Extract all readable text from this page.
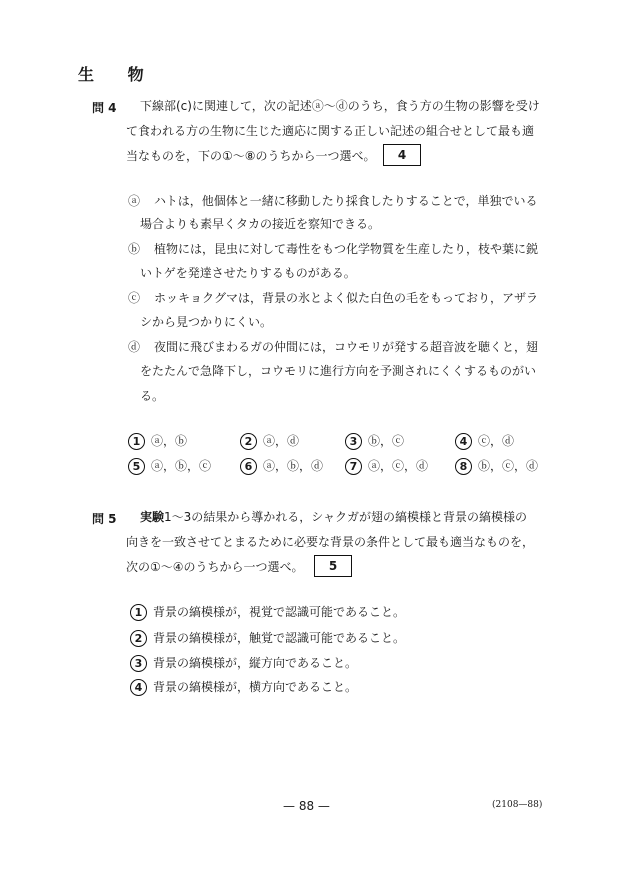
生 物
問 4 下線部(c)に関連して，次の記述ⓐ～ⓓのうち，食う方の生物の影響を受け
て食われる方の生物に生じた適応に関する正しい記述の組合せとして最も適
当なものを，下の①～⑧のうちから一つ選べ。	4
ⓐ ハトは，他個体と一緒に移動したり採食したりすることで，単独でいる
場合よりも素早くタカの接近を察知できる。
ⓑ 植物には，昆虫に対して毒性をもつ化学物質を生産したり，枝や葉に鋭
いトゲを発達させたりするものがある。
ⓒ ホッキョクグマは，背景の氷とよく似た白色の毛をもっており，アザラ
シから見つかりにくい。
ⓓ 夜間に飛びまわるガの仲間には，コウモリが発する超音波を聴くと，翅
をたたんで急降下し，コウモリに進行方向を予測されにくくするものがい
る。
1 ⓐ，ⓑ	2 ⓐ，ⓓ	3 ⓑ，ⓒ	4 ⓒ，ⓓ
5 ⓐ，ⓑ，ⓒ	6 ⓐ，ⓑ，ⓓ	7 ⓐ，ⓒ，ⓓ	8 ⓑ，ⓒ，ⓓ
問 5 実験1～3の結果から導かれる，シャクガが翅の縞模様と背景の縞模様の
向きを一致させてとまるために必要な背景の条件として最も適当なものを，
次の①～④のうちから一つ選べ。	5
1 背景の縞模様が，視覚で認識可能であること。
2 背景の縞模様が，触覚で認識可能であること。
3 背景の縞模様が，縦方向であること。
4 背景の縞模様が，横方向であること。
— 88 —	(2108—88)
